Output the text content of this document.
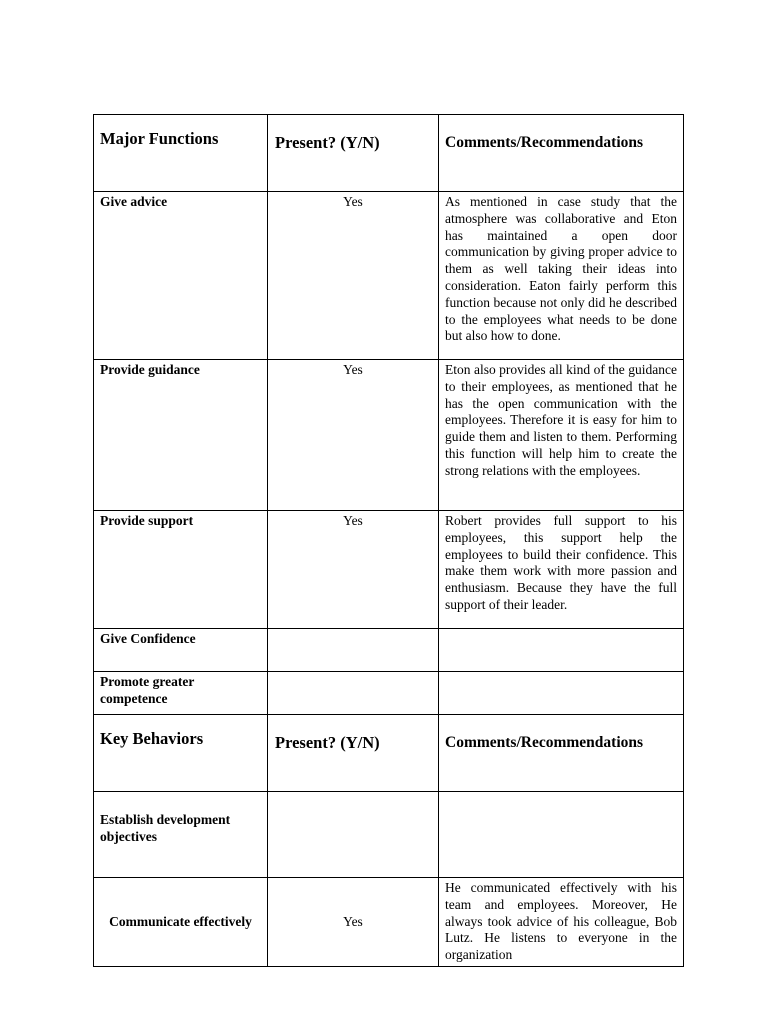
Major Functions	Present? (Y/N)	Comments/Recommendations
Give advice	Yes	As mentioned in case study that the atmosphere was collaborative and Eton has maintained a open door communication by giving proper advice to them as well taking their ideas into consideration. Eaton fairly perform this function because not only did he described to the employees what needs to be done but also how to done.
Provide guidance	Yes	Eton also provides all kind of the guidance to their employees, as mentioned that he has the open communication with the employees. Therefore it is easy for him to guide them and listen to them. Performing this function will help him to create the strong relations with the employees.
Provide support	Yes	Robert provides full support to his employees, this support help the employees to build their confidence. This make them work with more passion and enthusiasm. Because they have the full support of their leader.
Give Confidence		
Promote greater competence		
Key Behaviors	Present? (Y/N)	Comments/Recommendations
Establish development objectives		
Communicate effectively	Yes	He communicated effectively with his team and employees. Moreover, He always took advice of his colleague, Bob Lutz. He listens to everyone in the organization
